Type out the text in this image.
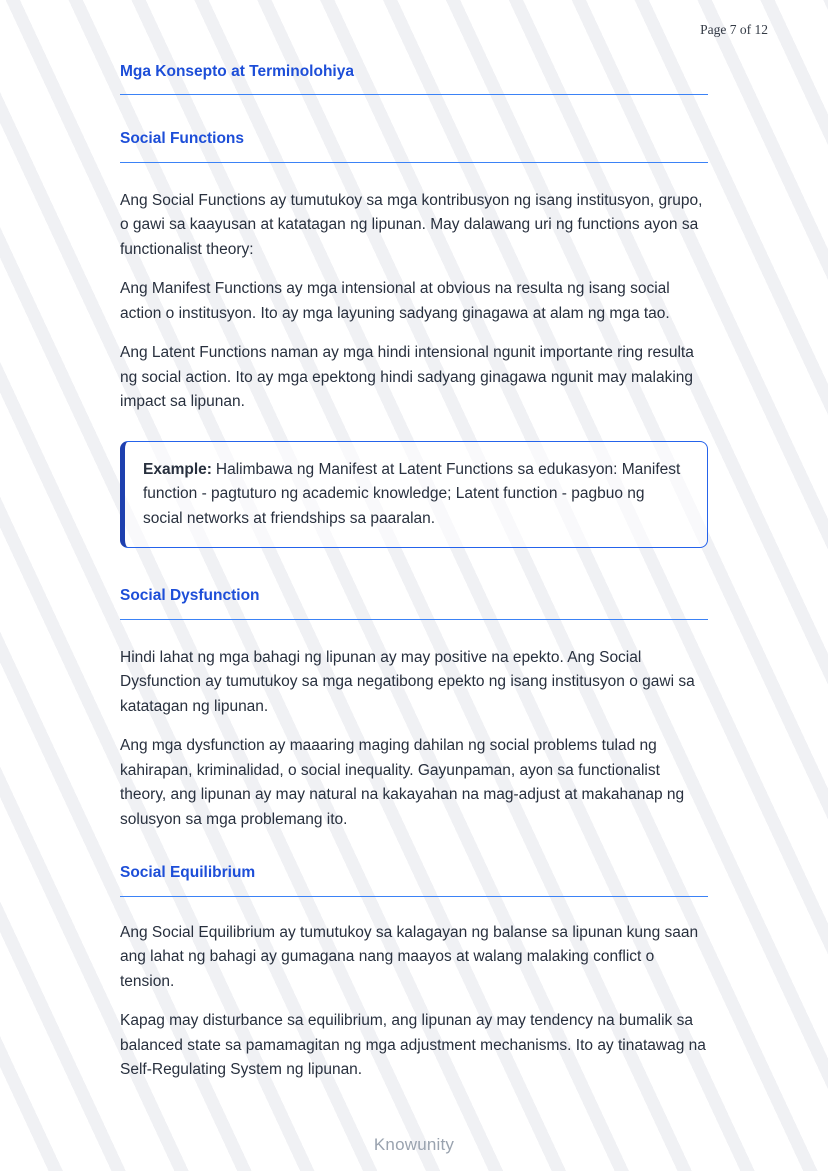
Page 7 of 12
Mga Konsepto at Terminolohiya
Social Functions

Ang Social Functions ay tumutukoy sa mga kontribusyon ng isang institusyon, grupo, o gawi sa kaayusan at katatagan ng lipunan. May dalawang uri ng functions ayon sa functionalist theory:

Ang Manifest Functions ay mga intensional at obvious na resulta ng isang social action o institusyon. Ito ay mga layuning sadyang ginagawa at alam ng mga tao.

Ang Latent Functions naman ay mga hindi intensional ngunit importante ring resulta ng social action. Ito ay mga epektong hindi sadyang ginagawa ngunit may malaking impact sa lipunan.

Example: Halimbawa ng Manifest at Latent Functions sa edukasyon: Manifest function - pagtuturo ng academic knowledge; Latent function - pagbuo ng social networks at friendships sa paaralan.
Social Dysfunction

Hindi lahat ng mga bahagi ng lipunan ay may positive na epekto. Ang Social Dysfunction ay tumutukoy sa mga negatibong epekto ng isang institusyon o gawi sa katatagan ng lipunan.

Ang mga dysfunction ay maaaring maging dahilan ng social problems tulad ng kahirapan, kriminalidad, o social inequality. Gayunpaman, ayon sa functionalist theory, ang lipunan ay may natural na kakayahan na mag-adjust at makahanap ng solusyon sa mga problemang ito.

Social Equilibrium

Ang Social Equilibrium ay tumutukoy sa kalagayan ng balanse sa lipunan kung saan ang lahat ng bahagi ay gumagana nang maayos at walang malaking conflict o tension.

Kapag may disturbance sa equilibrium, ang lipunan ay may tendency na bumalik sa balanced state sa pamamagitan ng mga adjustment mechanisms. Ito ay tinatawag na Self-Regulating System ng lipunan.

Knowunity
